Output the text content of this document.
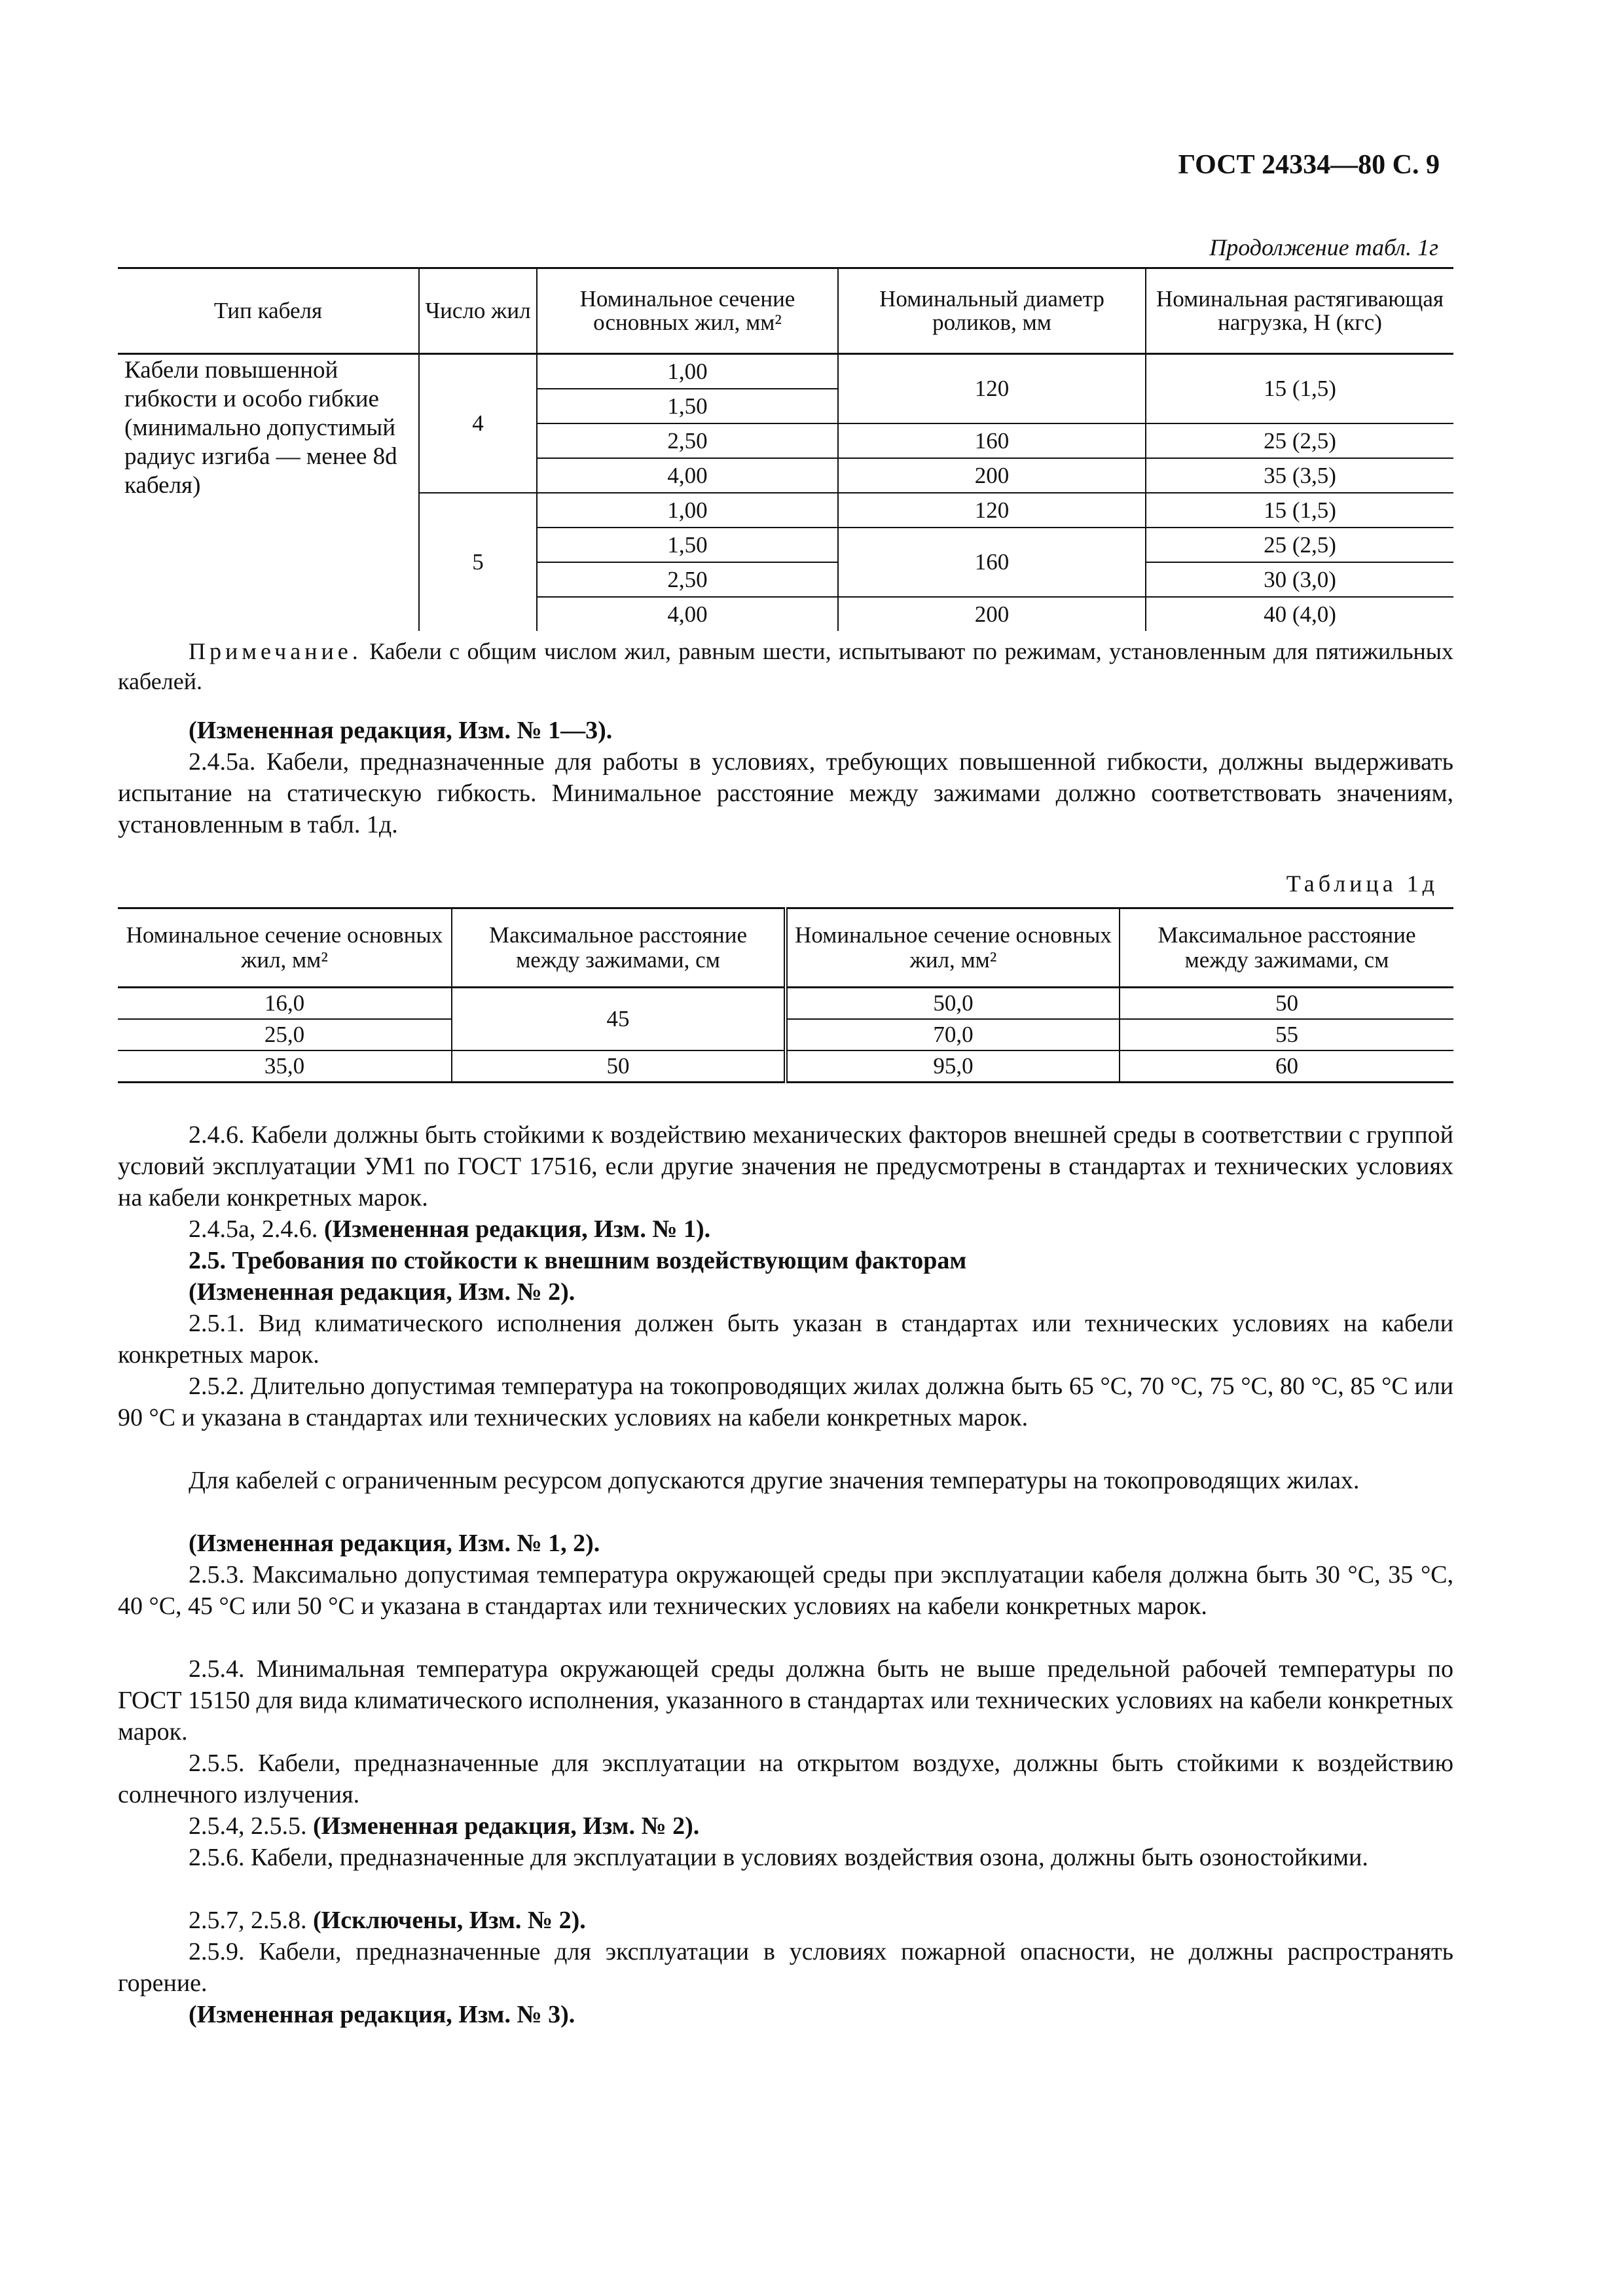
ГОСТ 24334—80 С. 9
Продолжение табл. 1г
Тип кабеля	Число жил	Номинальное сечение основных жил, мм²	Номинальный диаметр роликов, мм	Номинальная растягивающая нагрузка, Н (кгс)
Кабели повышенной гибкости и особо гибкие (минимально допустимый радиус изгиба — менее 8d кабеля)	4	1,00	120	15 (1,5)
		1,50		
		2,50	160	25 (2,5)
		4,00	200	35 (3,5)
	5	1,00	120	15 (1,5)
		1,50	160	25 (2,5)
		2,50		30 (3,0)
		4,00	200	40 (4,0)
Примечание. Кабели с общим числом жил, равным шести, испытывают по режимам, установленным для пятижильных кабелей.
(Измененная редакция, Изм. № 1—3).
2.4.5а. Кабели, предназначенные для работы в условиях, требующих повышенной гибкости, должны выдерживать испытание на статическую гибкость. Минимальное расстояние между зажимами должно соответствовать значениям, установленным в табл. 1д.
Таблица 1д
Номинальное сечение основных жил, мм²	Максимальное расстояние между зажимами, см	Номинальное сечение основных жил, мм²	Максимальное расстояние между зажимами, см
16,0	45	50,0	50
25,0		70,0	55
35,0	50	95,0	60
2.4.6. Кабели должны быть стойкими к воздействию механических факторов внешней среды в соответствии с группой условий эксплуатации УМ1 по ГОСТ 17516, если другие значения не предусмотрены в стандартах и технических условиях на кабели конкретных марок.
2.4.5а, 2.4.6. (Измененная редакция, Изм. № 1).
2.5. Требования по стойкости к внешним воздействующим факторам
(Измененная редакция, Изм. № 2).
2.5.1. Вид климатического исполнения должен быть указан в стандартах или технических условиях на кабели конкретных марок.
2.5.2. Длительно допустимая температура на токопроводящих жилах должна быть 65 °С, 70 °С, 75 °С, 80 °С, 85 °С или 90 °С и указана в стандартах или технических условиях на кабели конкретных марок.
Для кабелей с ограниченным ресурсом допускаются другие значения температуры на токопроводящих жилах.
(Измененная редакция, Изм. № 1, 2).
2.5.3. Максимально допустимая температура окружающей среды при эксплуатации кабеля должна быть 30 °С, 35 °С, 40 °С, 45 °С или 50 °С и указана в стандартах или технических условиях на кабели конкретных марок.
2.5.4. Минимальная температура окружающей среды должна быть не выше предельной рабочей температуры по ГОСТ 15150 для вида климатического исполнения, указанного в стандартах или технических условиях на кабели конкретных марок.
2.5.5. Кабели, предназначенные для эксплуатации на открытом воздухе, должны быть стойкими к воздействию солнечного излучения.
2.5.4, 2.5.5. (Измененная редакция, Изм. № 2).
2.5.6. Кабели, предназначенные для эксплуатации в условиях воздействия озона, должны быть озоностойкими.
2.5.7, 2.5.8. (Исключены, Изм. № 2).
2.5.9. Кабели, предназначенные для эксплуатации в условиях пожарной опасности, не должны распространять горение.
(Измененная редакция, Изм. № 3).
